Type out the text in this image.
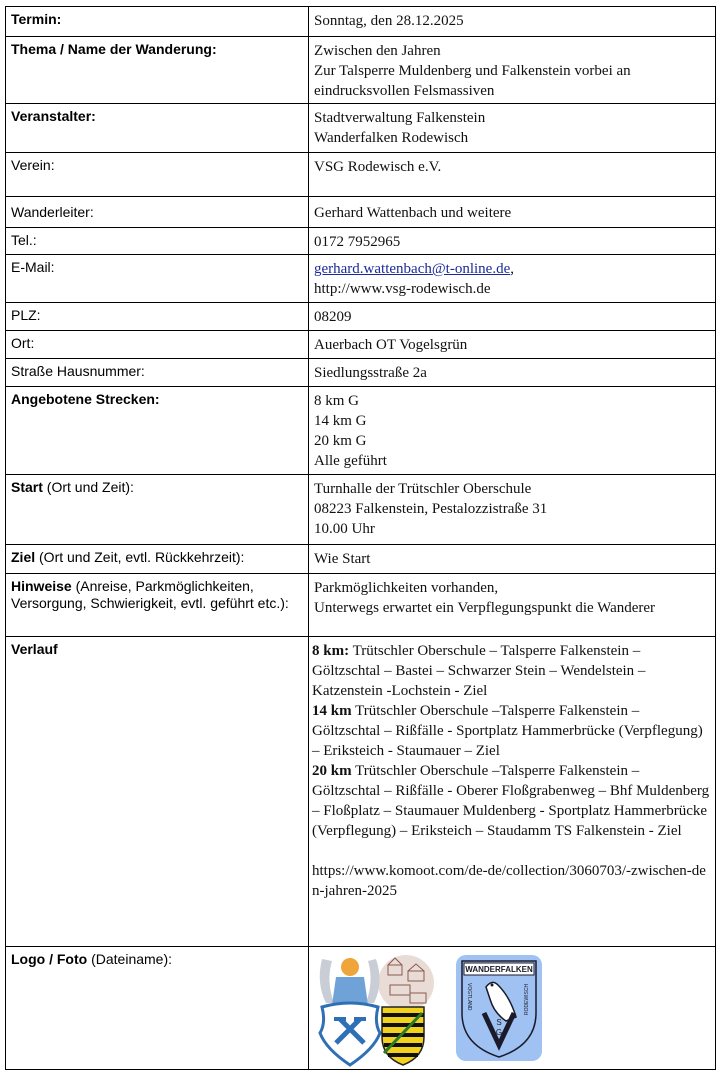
Termin:	Sonntag, den 28.12.2025
Thema / Name der Wanderung:	Zwischen den Jahren
Zur Talsperre Muldenberg und Falkenstein vorbei an
eindrucksvollen Felsmassiven

Veranstalter:	Stadtverwaltung Falkenstein
Wanderfalken Rodewisch

Verein:	VSG Rodewisch e.V.
Wanderleiter:	Gerhard Wattenbach und weitere
Tel.:	0172 7952965
E-Mail:	gerhard.wattenbach@t-online.de,
http://www.vsg-rodewisch.de

PLZ:	08209
Ort:	Auerbach OT Vogelsgrün
Straße Hausnummer:	Siedlungsstraße 2a
Angebotene Strecken:	8 km G
14 km G
20 km G
Alle geführt

Start (Ort und Zeit):	Turnhalle der Trütschler Oberschule
08223 Falkenstein, Pestalozzistraße 31
10.00 Uhr

Ziel (Ort und Zeit, evtl. Rückkehrzeit):	Wie Start
Hinweise (Anreise, Parkmöglichkeiten, Versorgung, Schwierigkeit, evtl. geführt etc.):	Parkmöglichkeiten vorhanden,
Unterwegs erwartet ein Verpflegungspunkt die Wanderer

Verlauf	8 km: Trütschler Oberschule – Talsperre Falkenstein – Göltzschtal – Bastei – Schwarzer Stein – Wendelstein – Katzenstein -Lochstein - Ziel

14 km Trütschler Oberschule –Talsperre Falkenstein – Göltzschtal – Rißfälle - Sportplatz Hammerbrücke (Verpflegung) – Eriksteich - Staumauer – Ziel

20 km Trütschler Oberschule –Talsperre Falkenstein – Göltzschtal – Rißfälle - Oberer Floßgrabenweg – Bhf Muldenberg – Floßplatz – Staumauer Muldenberg - Sportplatz Hammerbrücke (Verpflegung) – Eriksteich – Staudamm TS Falkenstein - Ziel

https://www.komoot.com/de-de/collection/3060703/-zwischen-den-jahren-2025

Logo / Foto (Dateiname):	WANDERFALKEN
S
G
VOGTLAND RODEWISCH
